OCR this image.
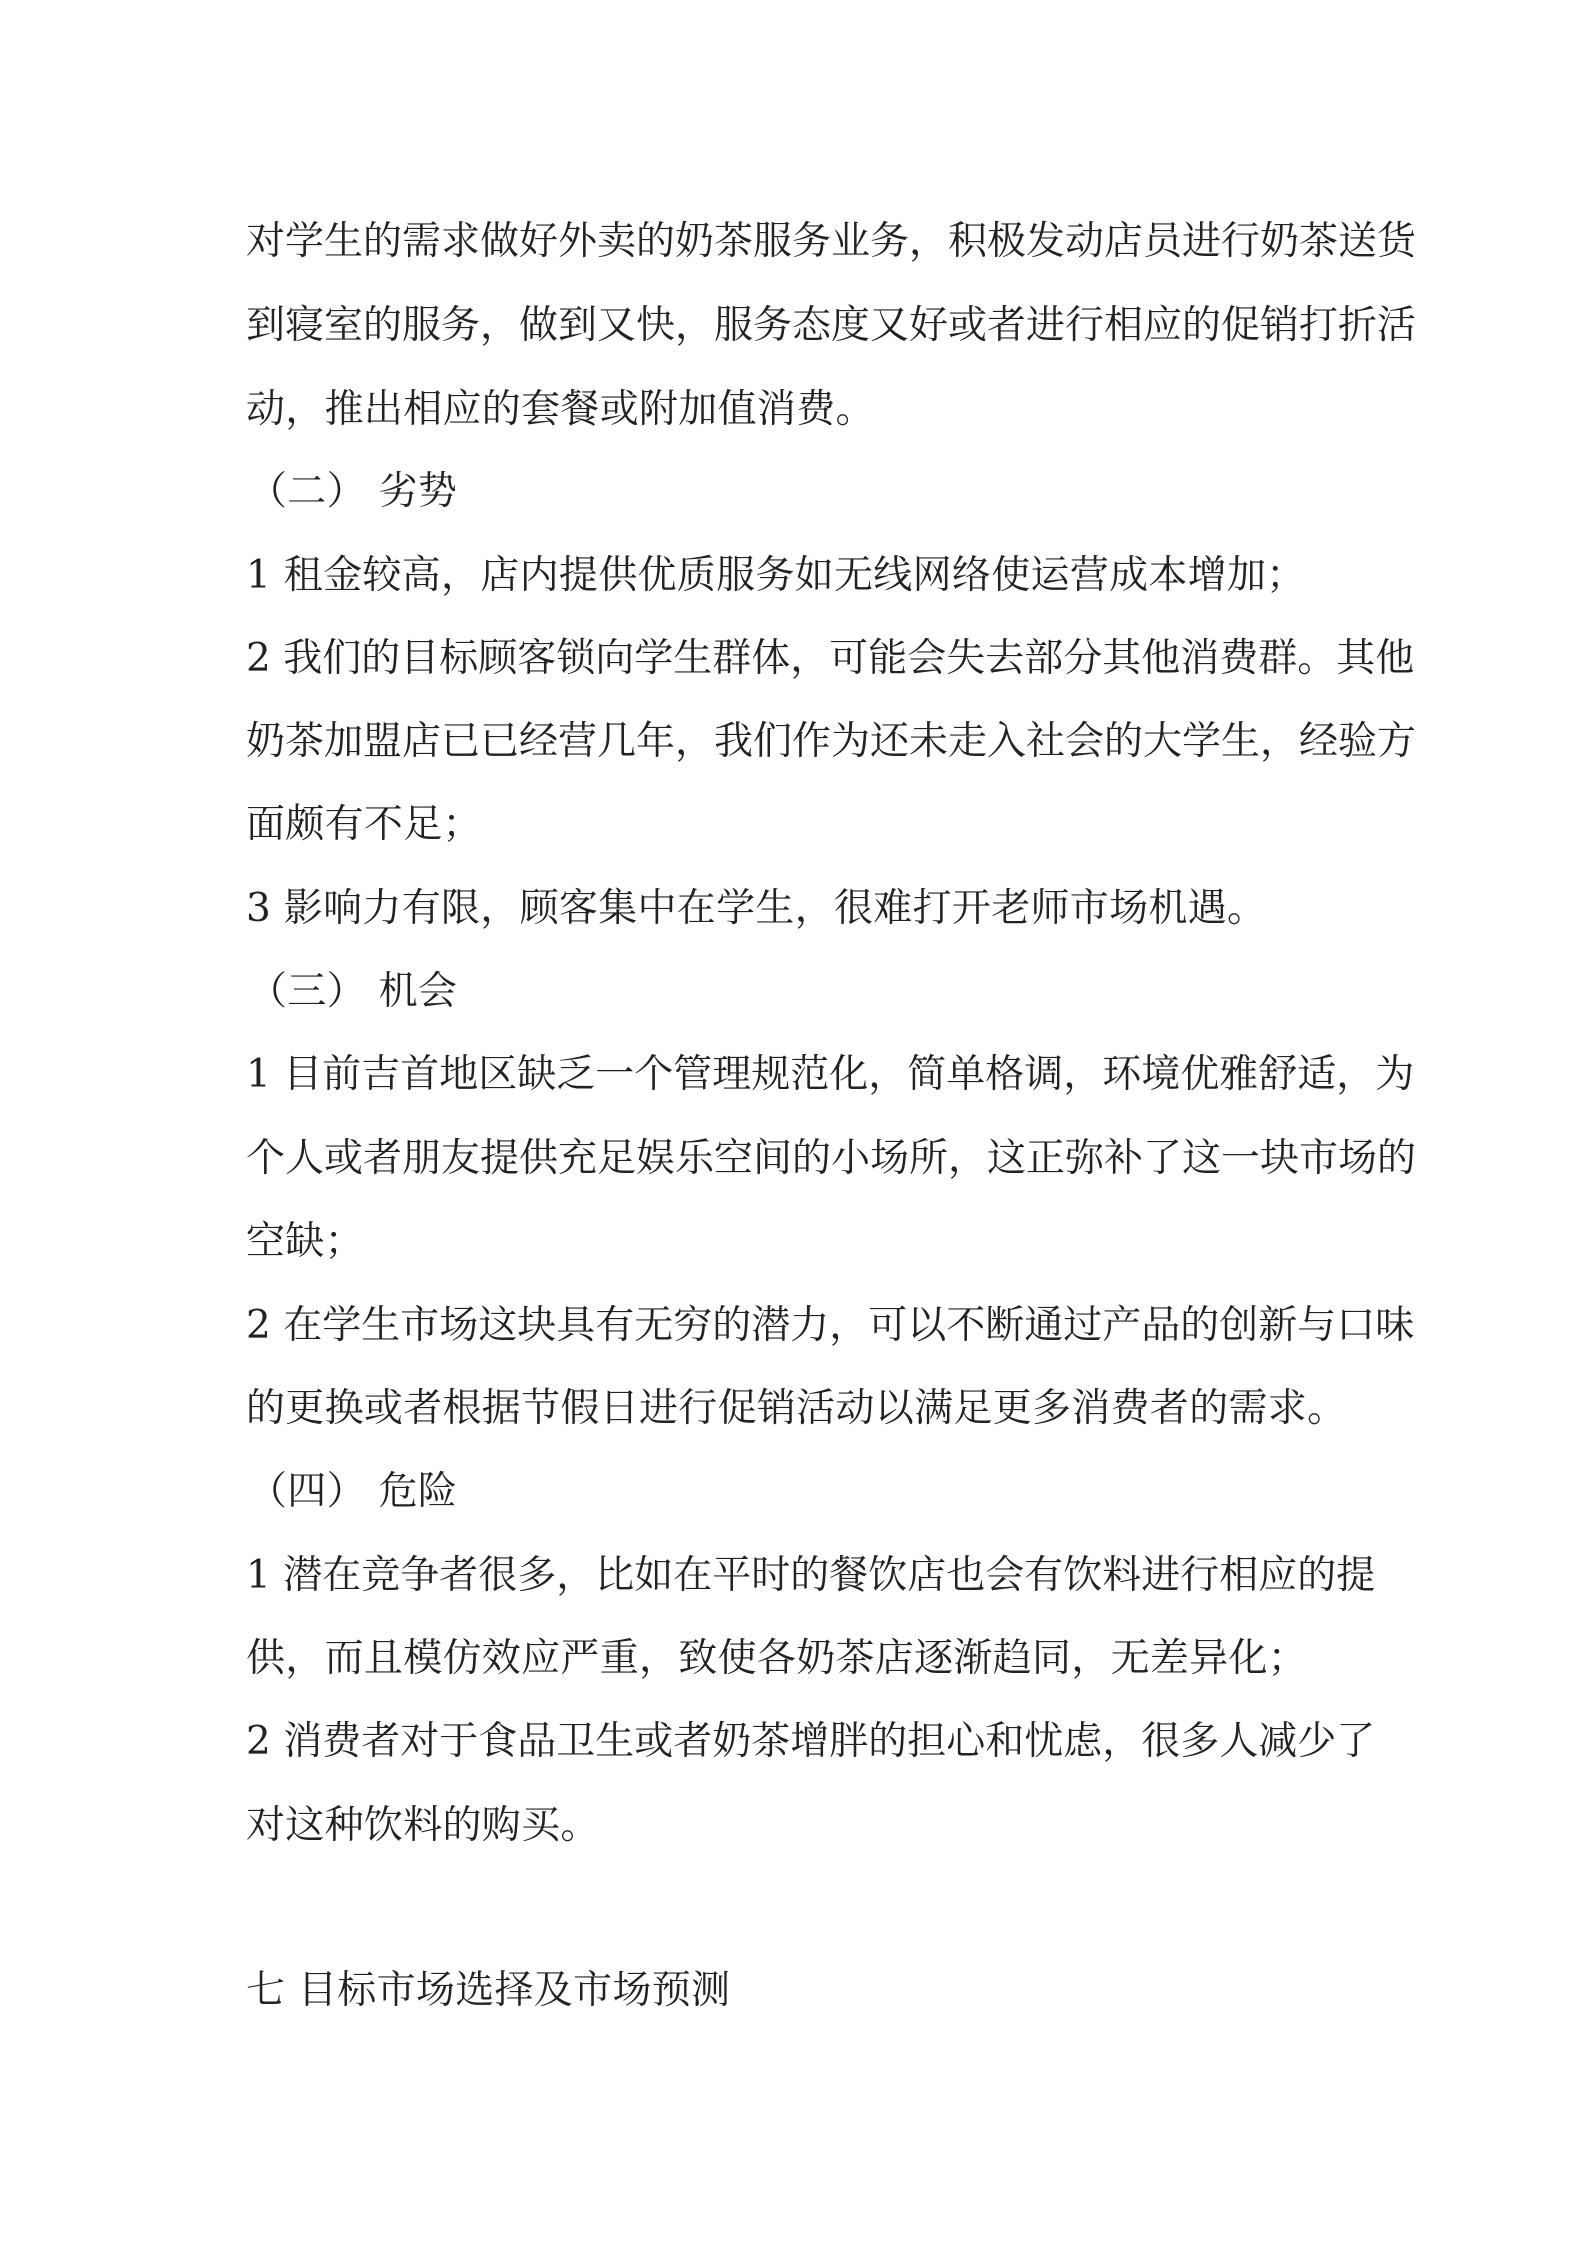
对学生的需求做好外卖的奶茶服务业务，积极发动店员进行奶茶送货
到寝室的服务，做到又快，服务态度又好或者进行相应的促销打折活
动，推出相应的套餐或附加值消费。
（二） 劣势
1 租金较高，店内提供优质服务如无线网络使运营成本增加；
2 我们的目标顾客锁向学生群体，可能会失去部分其他消费群。其他
奶茶加盟店已已经营几年，我们作为还未走入社会的大学生，经验方
面颇有不足；
3 影响力有限，顾客集中在学生，很难打开老师市场机遇。
（三） 机会
1 目前吉首地区缺乏一个管理规范化，简单格调，环境优雅舒适，为
个人或者朋友提供充足娱乐空间的小场所，这正弥补了这一块市场的
空缺；
2 在学生市场这块具有无穷的潜力，可以不断通过产品的创新与口味
的更换或者根据节假日进行促销活动以满足更多消费者的需求。
（四） 危险
1 潜在竞争者很多，比如在平时的餐饮店也会有饮料进行相应的提
供，而且模仿效应严重，致使各奶茶店逐渐趋同，无差异化；
2 消费者对于食品卫生或者奶茶增胖的担心和忧虑，很多人减少了
对这种饮料的购买。
七 目标市场选择及市场预测
